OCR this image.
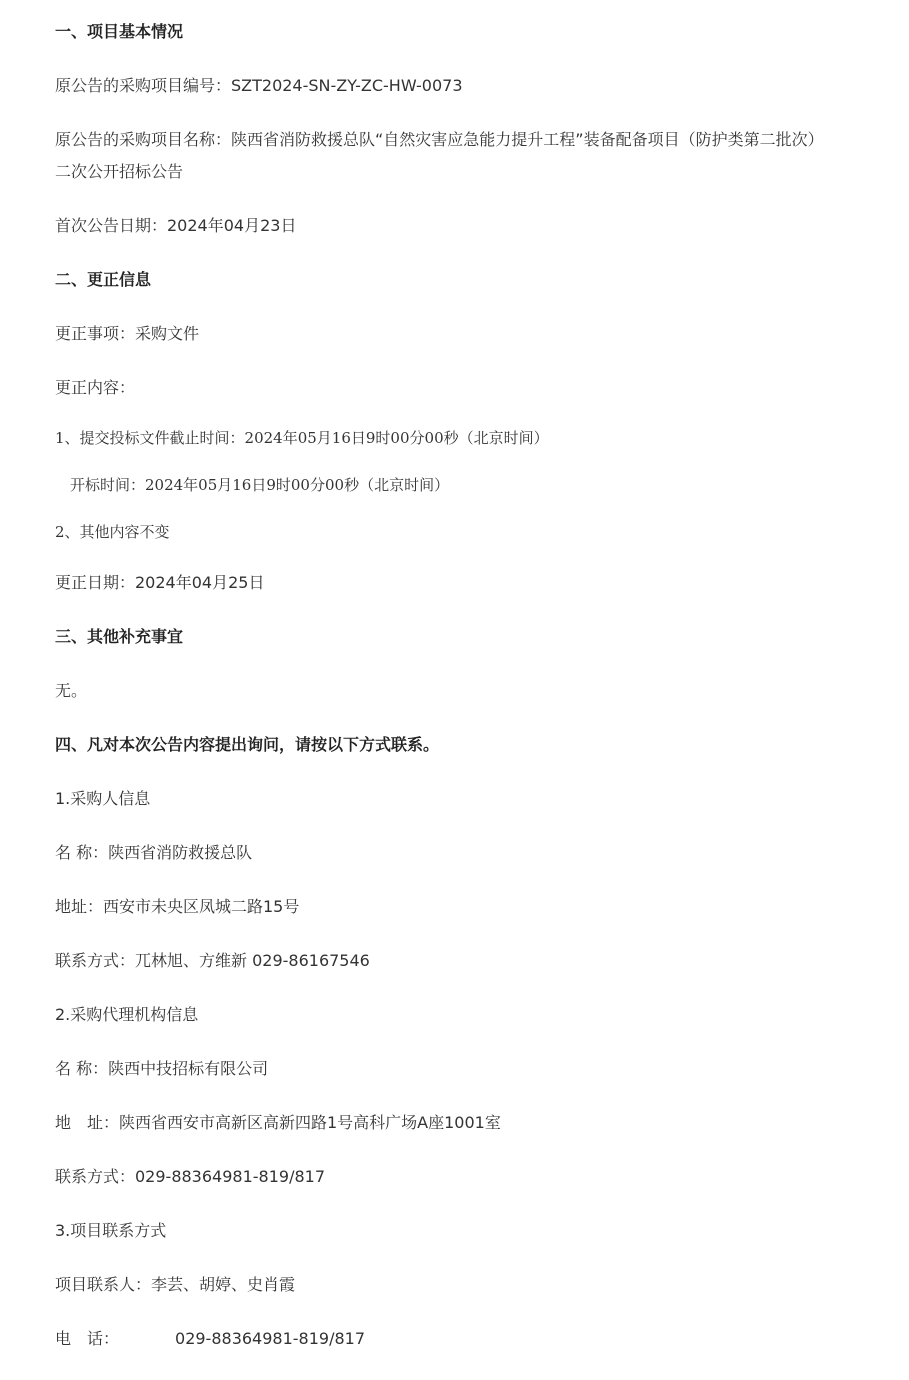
一、项目基本情况
原公告的采购项目编号：SZT2024-SN-ZY-ZC-HW-0073
原公告的采购项目名称：陕西省消防救援总队“自然灾害应急能力提升工程”装备配备项目（防护类第二批次）二次公开招标公告
首次公告日期：2024年04月23日
二、更正信息
更正事项：采购文件
更正内容：
1、提交投标文件截止时间：2024年05月16日9时00分00秒（北京时间）
开标时间：2024年05月16日9时00分00秒（北京时间）
2、其他内容不变
更正日期：2024年04月25日
三、其他补充事宜
无。
四、凡对本次公告内容提出询问，请按以下方式联系。
1.采购人信息
名 称：陕西省消防救援总队
地址：西安市未央区凤城二路15号
联系方式：兀林旭、方维新 029-86167546
2.采购代理机构信息
名 称：陕西中技招标有限公司
地　址：陕西省西安市高新区高新四路1号高科广场A座1001室
联系方式：029-88364981-819/817
3.项目联系方式
项目联系人：李芸、胡婷、史肖霞
电　话：	029-88364981-819/817
